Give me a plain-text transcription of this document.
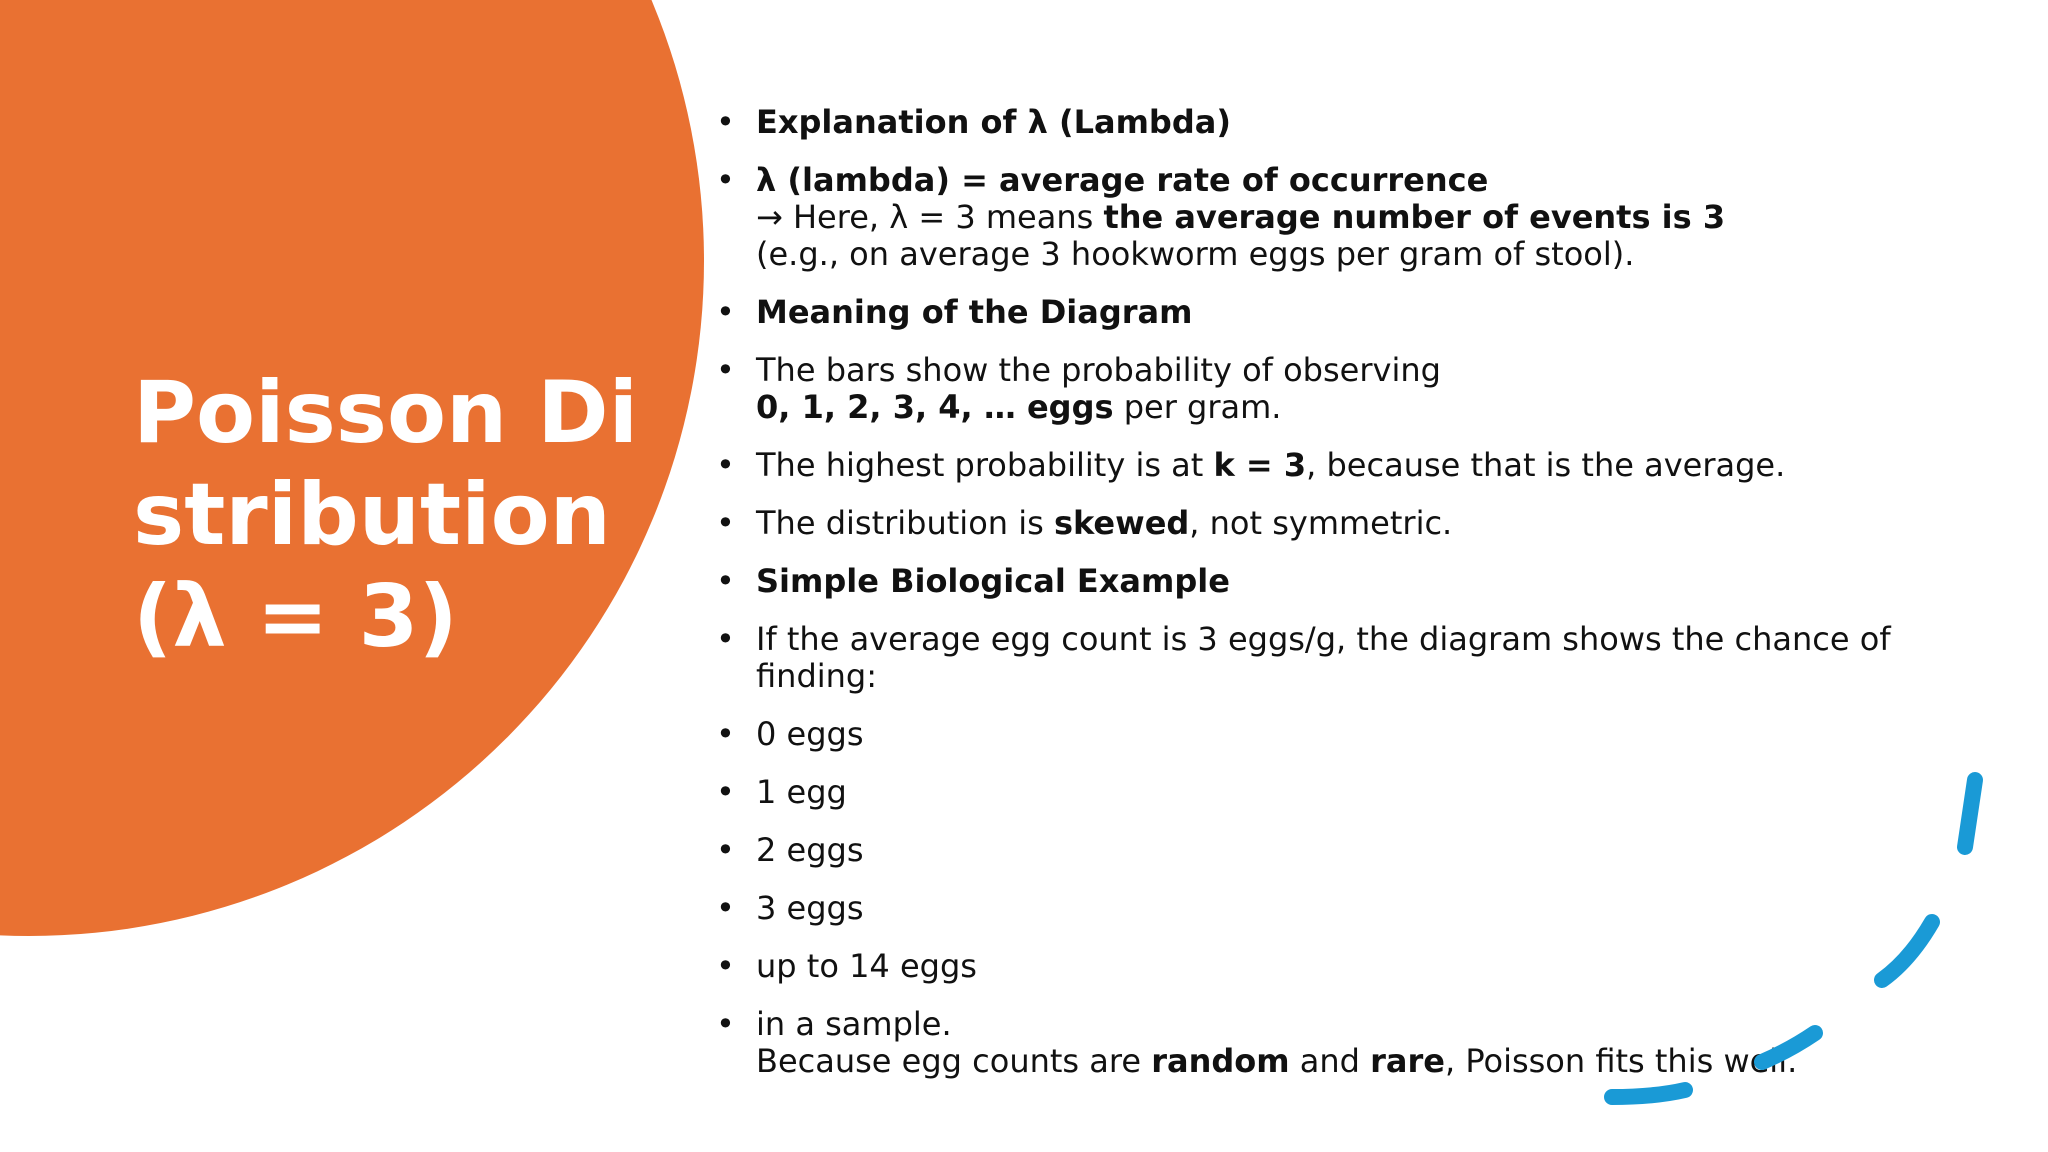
Poisson Distribution (λ = 3)
• Explanation of λ (Lambda)
• λ (lambda) = average rate of occurrence
→ Here, λ = 3 means the average number of events is 3
(e.g., on average 3 hookworm eggs per gram of stool).
• Meaning of the Diagram
• The bars show the probability of observing
0, 1, 2, 3, 4, … eggs per gram.
• The highest probability is at k = 3, because that is the average.
• The distribution is skewed, not symmetric.
• Simple Biological Example
• If the average egg count is 3 eggs/g, the diagram shows the chance of finding:
• 0 eggs
• 1 egg
• 2 eggs
• 3 eggs
• up to 14 eggs
• in a sample.
Because egg counts are random and rare, Poisson fits this well.
